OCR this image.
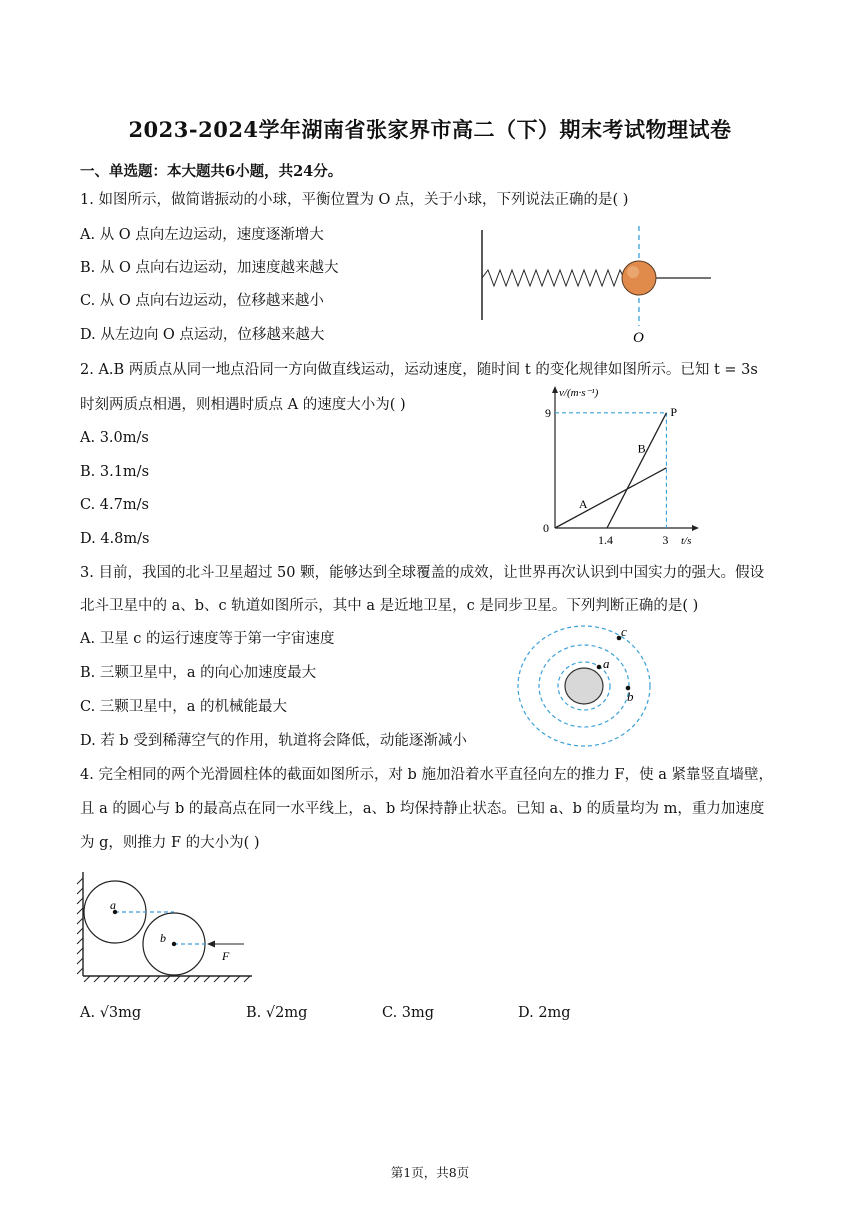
2023-2024学年湖南省张家界市高二（下）期末考试物理试卷
一、单选题：本大题共6小题，共24分。
1. 如图所示，做简谐振动的小球，平衡位置为 O 点，关于小球，下列说法正确的是( )
A. 从 O 点向左边运动，速度逐渐增大
B. 从 O 点向右边运动，加速度越来越大
C. 从 O 点向右边运动，位移越来越小
D. 从左边向 O 点运动，位移越来越大	O
2. A.B 两质点从同一地点沿同一方向做直线运动，运动速度，随时间 t 的变化规律如图所示。已知 t = 3s
时刻两质点相遇，则相遇时质点 A 的速度大小为( )
A. 3.0m/s
B. 3.1m/s
C. 4.7m/s
D. 4.8m/s
v/(m·s⁻¹)
t/s
P
9
0
1.4	3
A
B
3. 目前，我国的北斗卫星超过 50 颗，能够达到全球覆盖的成效，让世界再次认识到中国实力的强大。假设
北斗卫星中的 a、b、c 轨道如图所示，其中 a 是近地卫星，c 是同步卫星。下列判断正确的是( )
A. 卫星 c 的运行速度等于第一宇宙速度
B. 三颗卫星中，a 的向心加速度最大
C. 三颗卫星中，a 的机械能最大
D. 若 b 受到稀薄空气的作用，轨道将会降低，动能逐渐减小
a
b
c
4. 完全相同的两个光滑圆柱体的截面如图所示，对 b 施加沿着水平直径向左的推力 F，使 a 紧靠竖直墙壁，
且 a 的圆心与 b 的最高点在同一水平线上，a、b 均保持静止状态。已知 a、b 的质量均为 m，重力加速度
为 g，则推力 F 的大小为( )
a
b
F
A. √3mg	B. √2mg	C. 3mg	D. 2mg
第1页，共8页
